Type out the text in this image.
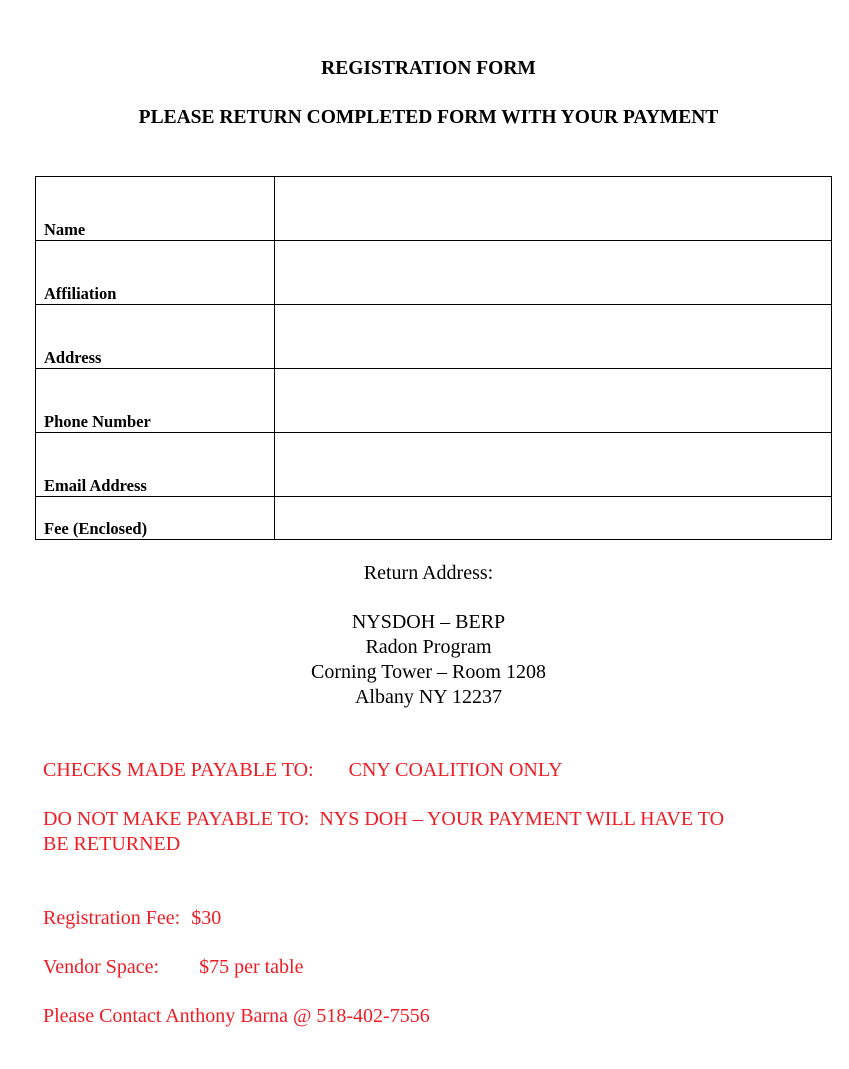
REGISTRATION FORM
PLEASE RETURN COMPLETED FORM WITH YOUR PAYMENT
Name	
Affiliation	
Address	
Phone Number	
Email Address	
Fee (Enclosed)	
Return Address:
NYSDOH – BERP
Radon Program
Corning Tower – Room 1208
Albany NY 12237
CHECKS MADE PAYABLE TO: CNY COALITION ONLY
DO NOT MAKE PAYABLE TO:  NYS DOH – YOUR PAYMENT WILL HAVE TO
BE RETURNED
Registration Fee: $30
Vendor Space: $75 per table
Please Contact Anthony Barna @ 518-402-7556
